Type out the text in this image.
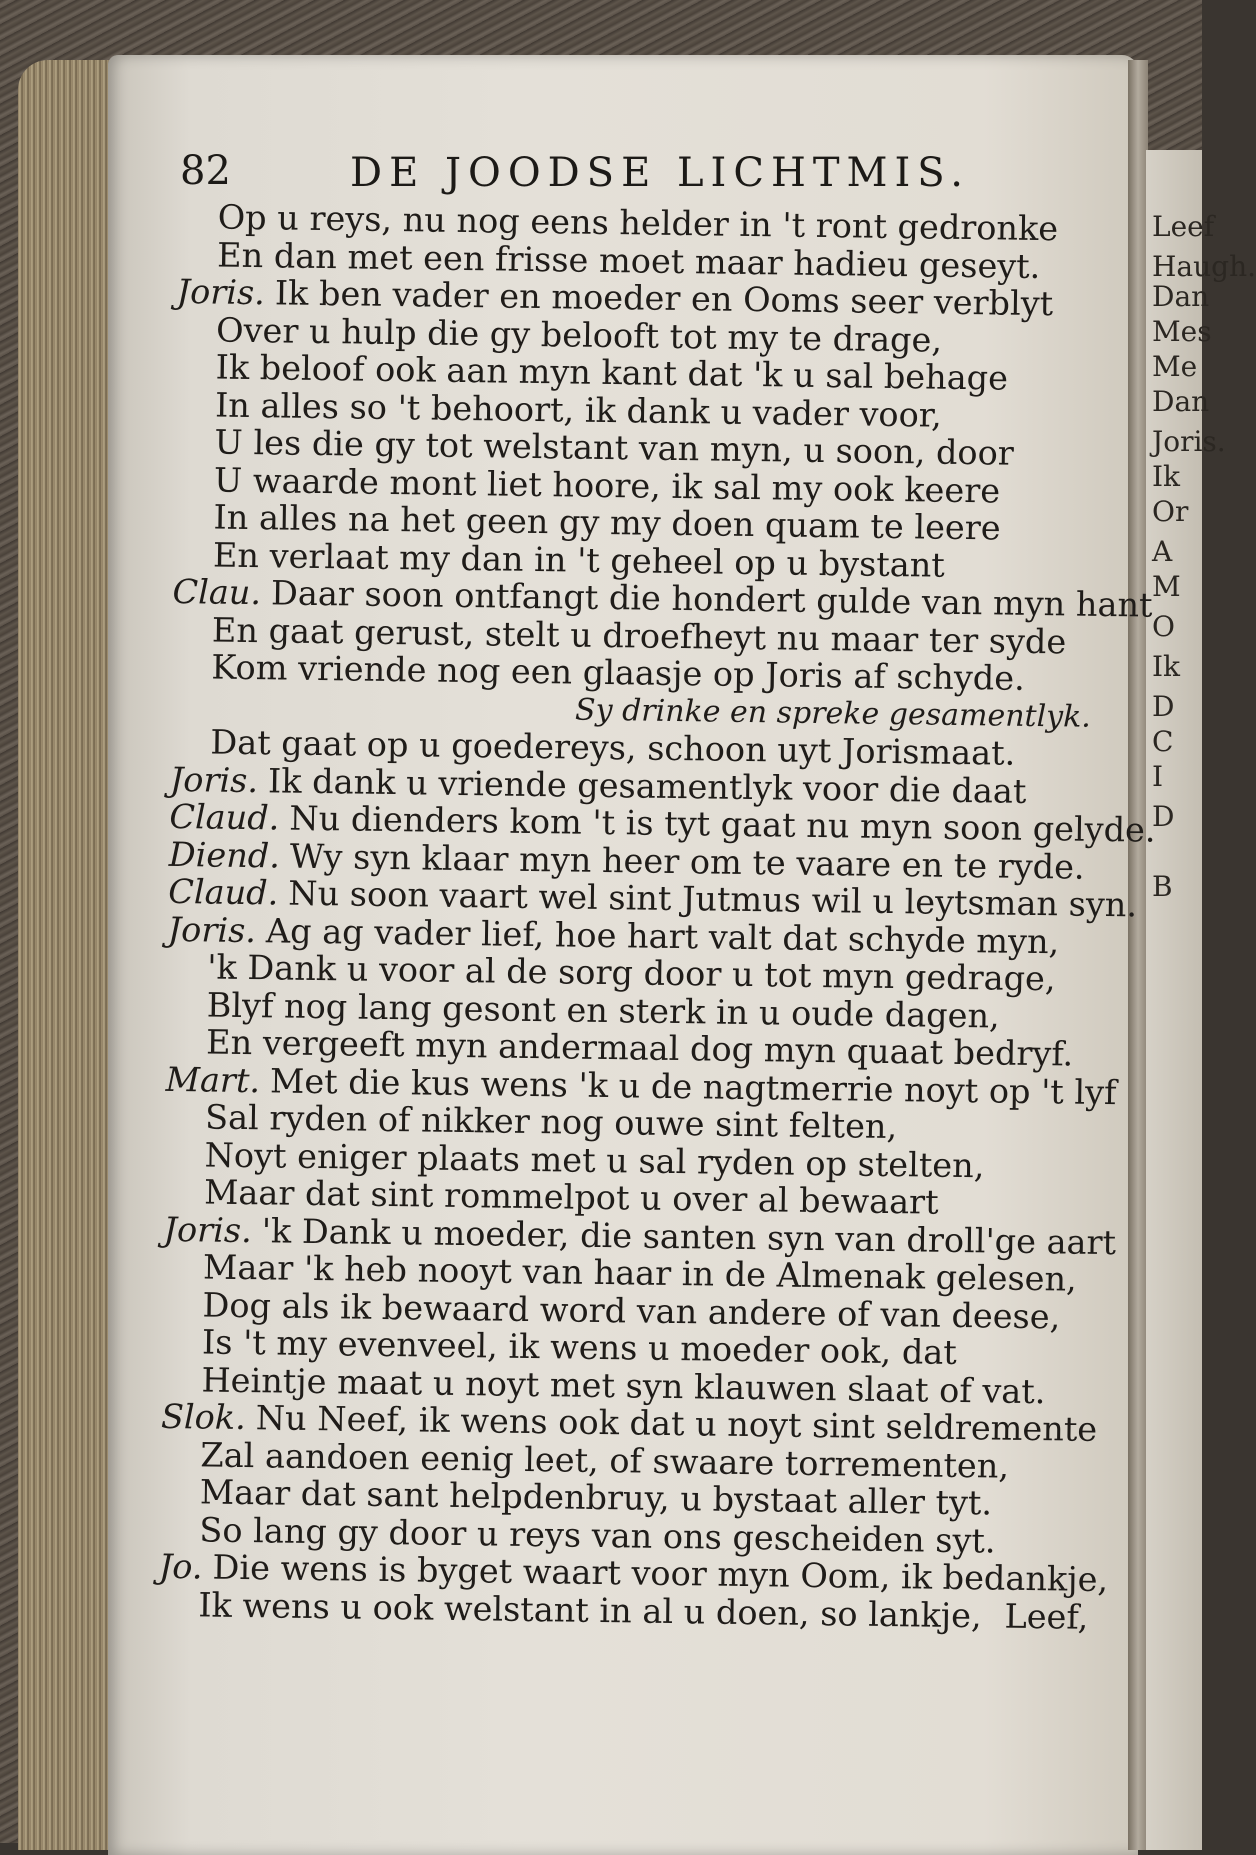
Leef
Haugh.
Dan
Mes
Me
Dan
Joris.
Ik
Or
A
M
O
Ik
D
C
I
D
B
82	DE JOODSE LICHTMIS.
Op u reys, nu nog eens helder in 't ront gedronke
En dan met een frisse moet maar hadieu geseyt.
Joris. Ik ben vader en moeder en Ooms seer verblyt
Over u hulp die gy belooft tot my te drage,
Ik beloof ook aan myn kant dat 'k u sal behage
In alles so 't behoort, ik dank u vader voor,
U les die gy tot welstant van myn, u soon, door
U waarde mont liet hoore, ik sal my ook keere
In alles na het geen gy my doen quam te leere
En verlaat my dan in 't geheel op u bystant
Clau. Daar soon ontfangt die hondert gulde van myn hant
En gaat gerust, stelt u droefheyt nu maar ter syde
Kom vriende nog een glaasje op Joris af schyde.
Sy drinke en spreke gesamentlyk.
Dat gaat op u goedereys, schoon uyt Jorismaat.
Joris. Ik dank u vriende gesamentlyk voor die daat
Claud. Nu dienders kom 't is tyt gaat nu myn soon gelyde.
Diend. Wy syn klaar myn heer om te vaare en te ryde.
Claud. Nu soon vaart wel sint Jutmus wil u leytsman syn.
Joris. Ag ag vader lief, hoe hart valt dat schyde myn,
'k Dank u voor al de sorg door u tot myn gedrage,
Blyf nog lang gesont en sterk in u oude dagen,
En vergeeft myn andermaal dog myn quaat bedryf.
Mart. Met die kus wens 'k u de nagtmerrie noyt op 't lyf
Sal ryden of nikker nog ouwe sint felten,
Noyt eniger plaats met u sal ryden op stelten,
Maar dat sint rommelpot u over al bewaart
Joris. 'k Dank u moeder, die santen syn van droll'ge aart
Maar 'k heb nooyt van haar in de Almenak gelesen,
Dog als ik bewaard word van andere of van deese,
Is 't my evenveel, ik wens u moeder ook, dat
Heintje maat u noyt met syn klauwen slaat of vat.
Slok. Nu Neef, ik wens ook dat u noyt sint seldremente
Zal aandoen eenig leet, of swaare torrementen,
Maar dat sant helpdenbruy, u bystaat aller tyt.
So lang gy door u reys van ons gescheiden syt.
Jo. Die wens is byget waart voor myn Oom, ik bedankje,
Ik wens u ook welstant in al u doen, so lankje, Leef,
